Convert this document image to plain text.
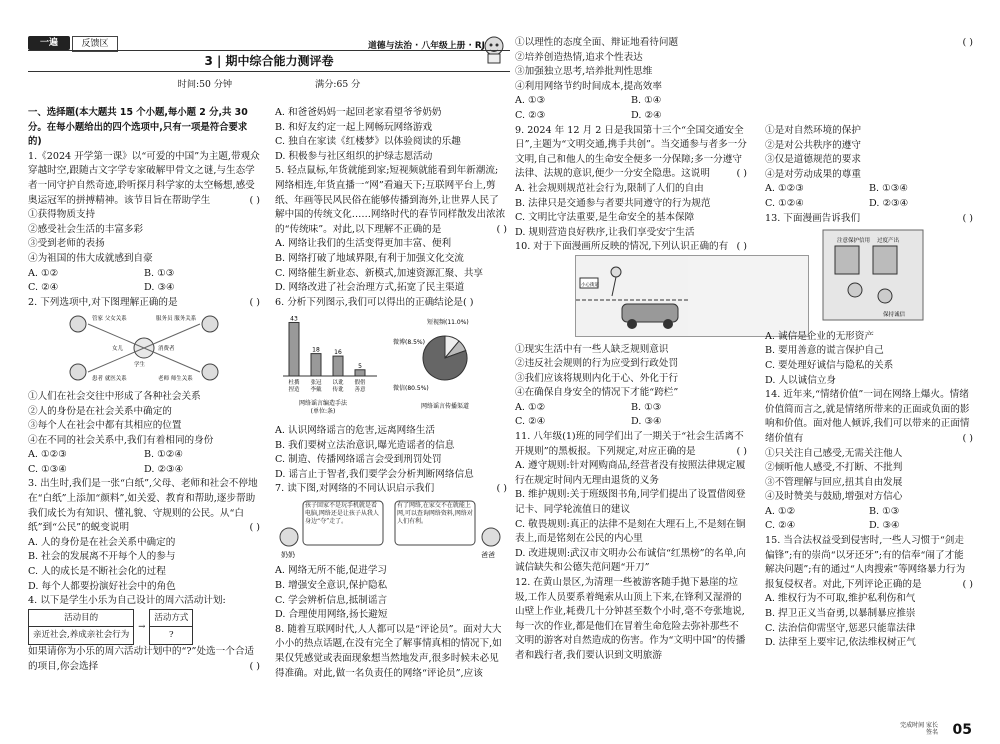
一遍	反馈区	道德与法治 · 八年级上册 · RJ
3 | 期中综合能力测评卷
时间:50 分钟	满分:65 分

一、选择题(本大题共 15 个小题,每小题 2 分,共 30 分。在每小题给出的四个选项中,只有一项是符合要求的)

1.《2024 开学第一课》以“可爱的中国”为主题,带观众穿越时空,跟随古文字学专家破解甲骨文之谜,与生态学者一同守护自然奇迹,聆听探月科学家的太空畅想,感受奥运冠军的拼搏精神。该节目旨在帮助学生	( )

①获得物质支持

②感受社会生活的丰富多彩

③受到老师的表扬

④为祖国的伟大成就感到自豪

A. ①②	B. ①③

C. ②④	D. ③④

2. 下列选项中,对下图理解正确的是	( )

管家 父女关系	服务员 服务关系
女儿	消费者
学生
患者 就医关系	老师 师生关系

①人们在社会交往中形成了各种社会关系

②人的身份是在社会关系中确定的

③每个人在社会中都有其相应的位置

④在不同的社会关系中,我们有着相同的身份

A. ①②③	B. ①②④

C. ①③④	D. ②③④

3. 出生时,我们是一张“白纸”,父母、老师和社会不停地在“白纸”上添加“颜料”,如关爱、教育和帮助,逐步帮助我们成长为有知识、懂礼貌、守规则的公民。从“白纸”到“公民”的蜕变说明	( )

A. 人的身份是在社会关系中确定的

B. 社会的发展离不开每个人的参与

C. 人的成长是不断社会化的过程

D. 每个人都要扮演好社会中的角色

4. 以下是学生小乐为自己设计的周六活动计划:

活动目的	→	活动方式
亲近社会,养成亲社会行为		?

如果请你为小乐的周六活动计划中的“?”处选一个合适的项目,你会选择	( )

A. 和爸爸妈妈一起回老家看望爷爷奶奶

B. 和好友约定一起上网畅玩网络游戏

C. 独自在家读《红楼梦》以体验阅读的乐趣

D. 积极参与社区组织的护绿志愿活动

5. 轻点鼠标,年货就能到家;短视频就能看到年新潮流;网络相连,年货直播一“网”看遍天下;互联网平台上,剪纸、年画等民风民俗在能够传播到海外,让世界人民了解中国的传统文化……网络时代的春节同样散发出浓浓的“传统味”。对此,以下理解不正确的是	( )

A. 网络让我们的生活变得更加丰富、便利

B. 网络打破了地域界限,有利于加强文化交流

C. 网络催生新业态、新模式,加速资源汇聚、共享

D. 网络改进了社会治理方式,拓宽了民主渠道

6. 分析下列图示,我们可以得出的正确结论是( )

43
杜撰
捏造
18
张冠
李戴
16
以讹
传讹
5
假借
善意
网络谣言编造手法
(单位:条)
短视频(11.0%)
微博(8.5%)
微信(80.5%)
网络谣言传播渠道

A. 认识网络谣言的危害,远离网络生活

B. 我们要树立法治意识,曝光造谣者的信息

C. 制造、传播网络谣言会受到刑罚处罚

D. 谣言止于智者,我们要学会分析判断网络信息

7. 读下图,对网络的不同认识启示我们	( )

孩子回家不是玩手机就是看电脑,网络还是让孩子从我人身边“夺”走了。
有了网络,在家交不在就能上网,可以查询网络资料,网络对人们有利。
奶奶	爸爸

A. 网络无所不能,促进学习

B. 增强安全意识,保护隐私

C. 学会辨析信息,抵制谣言

D. 合理使用网络,扬长避短

8. 随着互联网时代,人人都可以是“评论员”。面对大大小小的热点话题,在没有完全了解事情真相的情况下,如果仅凭感觉或表面现象想当然地发声,很多时候未必见得准确。对此,做一名负责任的网络“评论员”,应该

①以理性的态度全面、辩证地看待问题

②培养创造热情,追求个性表达

③加强独立思考,培养批判性思维

④利用网络节约时间成本,提高效率

A. ①③	B. ①④

C. ②③	D. ②④

9. 2024 年 12 月 2 日是我国第十三个“全国交通安全日”,主题为“文明交通,携手共创”。当交通参与者多一分文明,自己和他人的生命安全便多一分保障;多一分遵守法律、法规的意识,便少一分安全隐患。这说明	( )

A. 社会规则规范社会行为,限制了人们的自由

B. 法律只是交通参与者要共同遵守的行为规范

C. 文明比守法重要,是生命安全的基本保障

D. 规则营造良好秩序,让我们享受安宁生活

10. 对于下面漫画所反映的情况,下列认识正确的有 ( )

小心街道

①现实生活中有一些人缺乏规则意识

②违反社会规则的行为应受到行政处罚

③我们应该将规则内化于心、外化于行

④在确保自身安全的情况下才能“跨栏”

A. ①②	B. ①③

C. ②④	D. ③④

11. 八年级(1)班的同学们出了一期关于“社会生活离不开规则”的黑板报。下列规定,对应正确的是	( )

A. 遵守规则:针对网购商品,经营者没有按照法律规定履行在规定时间内无理由退货的义务

B. 维护规则:关于班级图书角,同学们提出了设置借阅登记卡、同学轮流值日的建议

C. 敬畏规则:真正的法律不是刻在大理石上,不是刻在铜表上,而是铭刻在公民的内心里

D. 改进规则:武汉市文明办公布诚信“红黑榜”的名单,向诚信缺失和公德失范问题“开刀”

12. 在黄山景区,为清理一些被游客随手抛下悬崖的垃圾,工作人员要系着绳索从山顶上下来,在锋利又湿滑的山壁上作业,耗费几十分钟甚至数个小时,毫不夸张地说,每一次的作业,都是他们在冒着生命危险去弥补那些不文明的游客对自然造成的伤害。作为“文明中国”的传播者和践行者,我们要认识到文明旅游

( )

①是对自然环境的保护

②是对公共秩序的遵守

③仅是道德规范的要求

④是对劳动成果的尊重

A. ①②③	B. ①③④

C. ①②④	D. ②③④

13. 下面漫画告诉我们	( )

注意保护信用 过度产出
保持诚信

A. 诚信是企业的无形资产

B. 要用善意的谎言保护自己

C. 要处理好诚信与隐私的关系

D. 人以诚信立身

14. 近年来,“情绪价值”一词在网络上爆火。情绪价值简而言之,就是情绪所带来的正面或负面的影响和价值。面对他人倾诉,我们可以带来的正面情绪价值有	( )

①只关注自己感受,无需关注他人

②倾听他人感受,不打断、不批判

③不管理解与回应,扭其自由发展

④及时赞美与鼓励,增强对方信心

A. ①②	B. ①③

C. ②④	D. ③④

15. 当合法权益受到侵害时,一些人习惯于“剑走偏锋”;有的崇尚“以牙还牙”;有的信奉“闹了才能解决问题”;有的通过“人肉搜索”等网络暴力行为报复侵权者。对此,下列评论正确的是	( )

A. 维权行为不可取,维护私利伤和气

B. 捍卫正义当奋勇,以暴制暴应推崇

C. 法治信仰需坚守,惩恶只能靠法律

D. 法律至上要牢记,依法维权树正气

完成时间 家长签名 05
